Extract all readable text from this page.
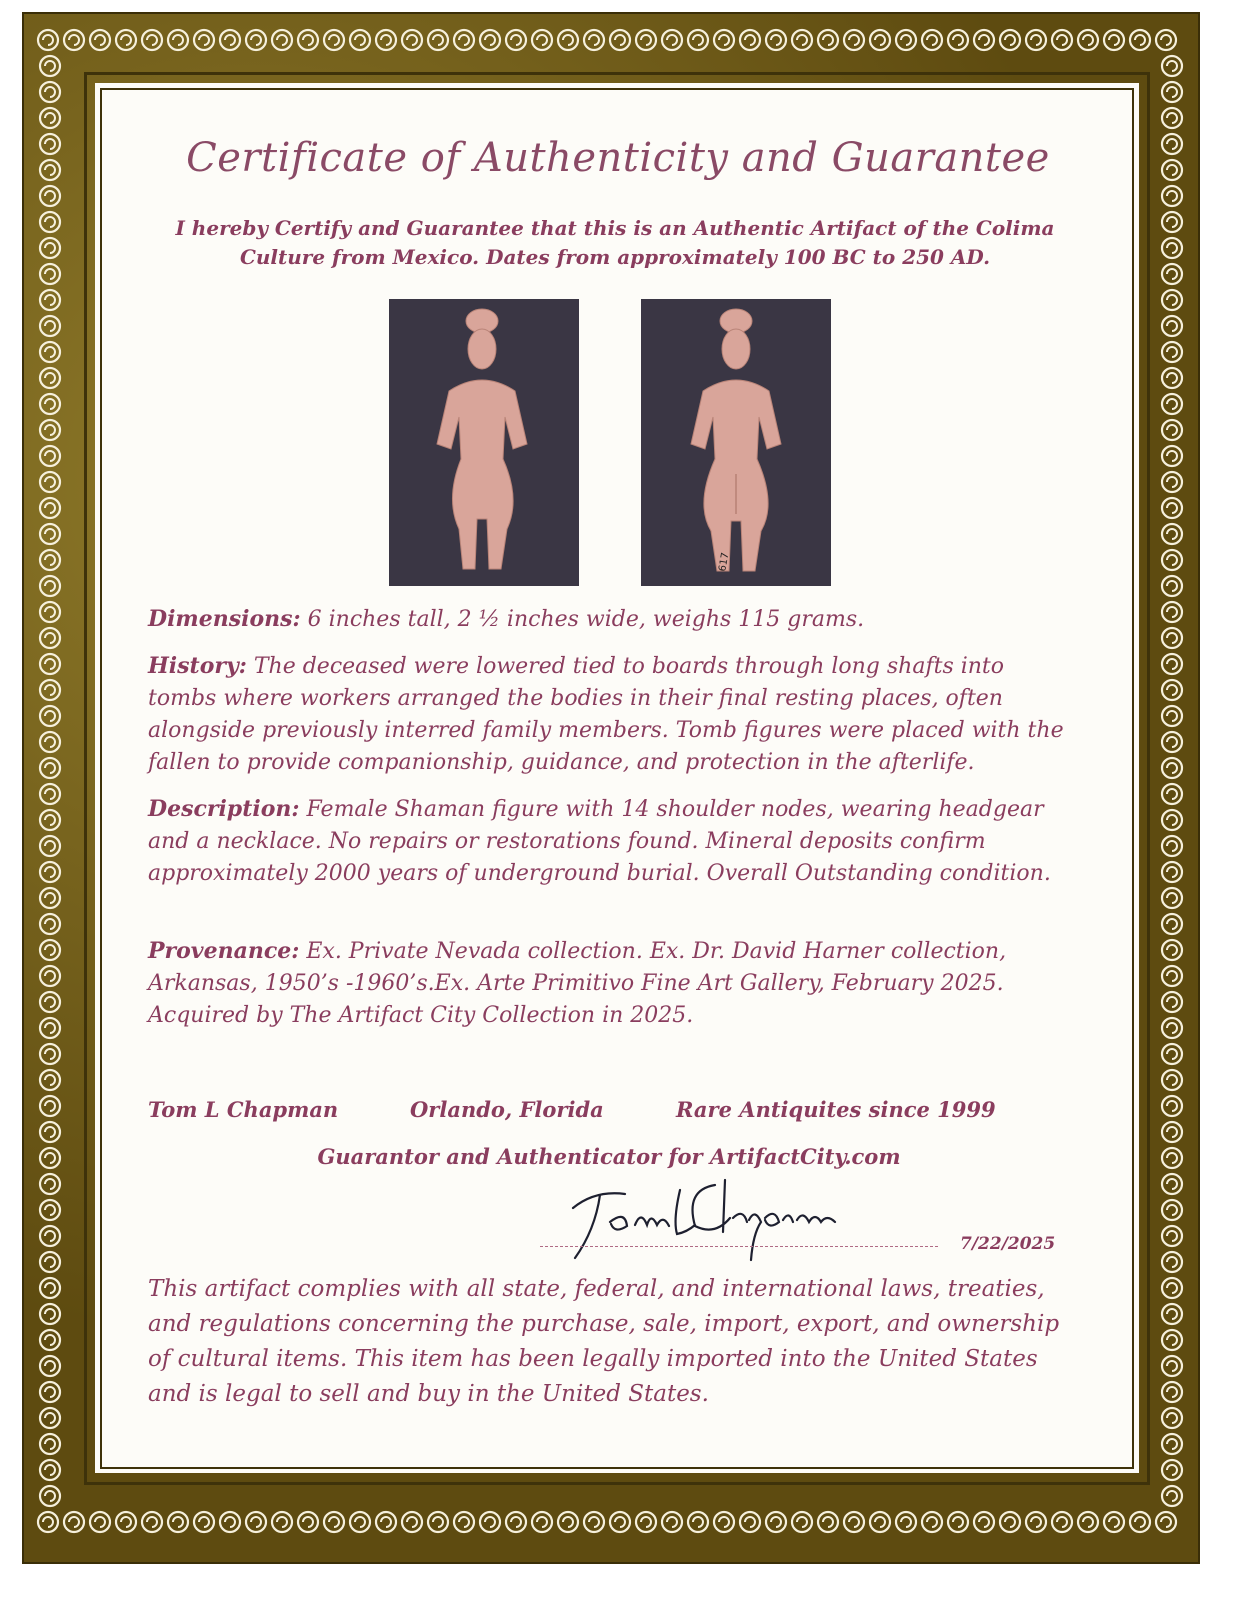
Certificate of Authenticity and Guarantee
I hereby Certify and Guarantee that this is an Authentic Artifact of the Colima Culture from Mexico. Dates from approximately 100 BC to 250 AD.
617
Dimensions: 6 inches tall, 2 ½ inches wide, weighs 115 grams.
History: The deceased were lowered tied to boards through long shafts into tombs where workers arranged the bodies in their final resting places, often alongside previously interred family members. Tomb figures were placed with the fallen to provide companionship, guidance, and protection in the afterlife.
Description: Female Shaman figure with 14 shoulder nodes, wearing headgear and a necklace. No repairs or restorations found. Mineral deposits confirm approximately 2000 years of underground burial. Overall Outstanding condition.
Provenance: Ex. Private Nevada collection. Ex. Dr. David Harner collection, Arkansas, 1950’s -1960’s.Ex. Arte Primitivo Fine Art Gallery, February 2025. Acquired by The Artifact City Collection in 2025.
Tom L Chapman	Orlando, Florida	Rare Antiquites since 1999
Guarantor and Authenticator for ArtifactCity.com
7/22/2025
This artifact complies with all state, federal, and international laws, treaties, and regulations concerning the purchase, sale, import, export, and ownership of cultural items. This item has been legally imported into the United States and is legal to sell and buy in the United States.
